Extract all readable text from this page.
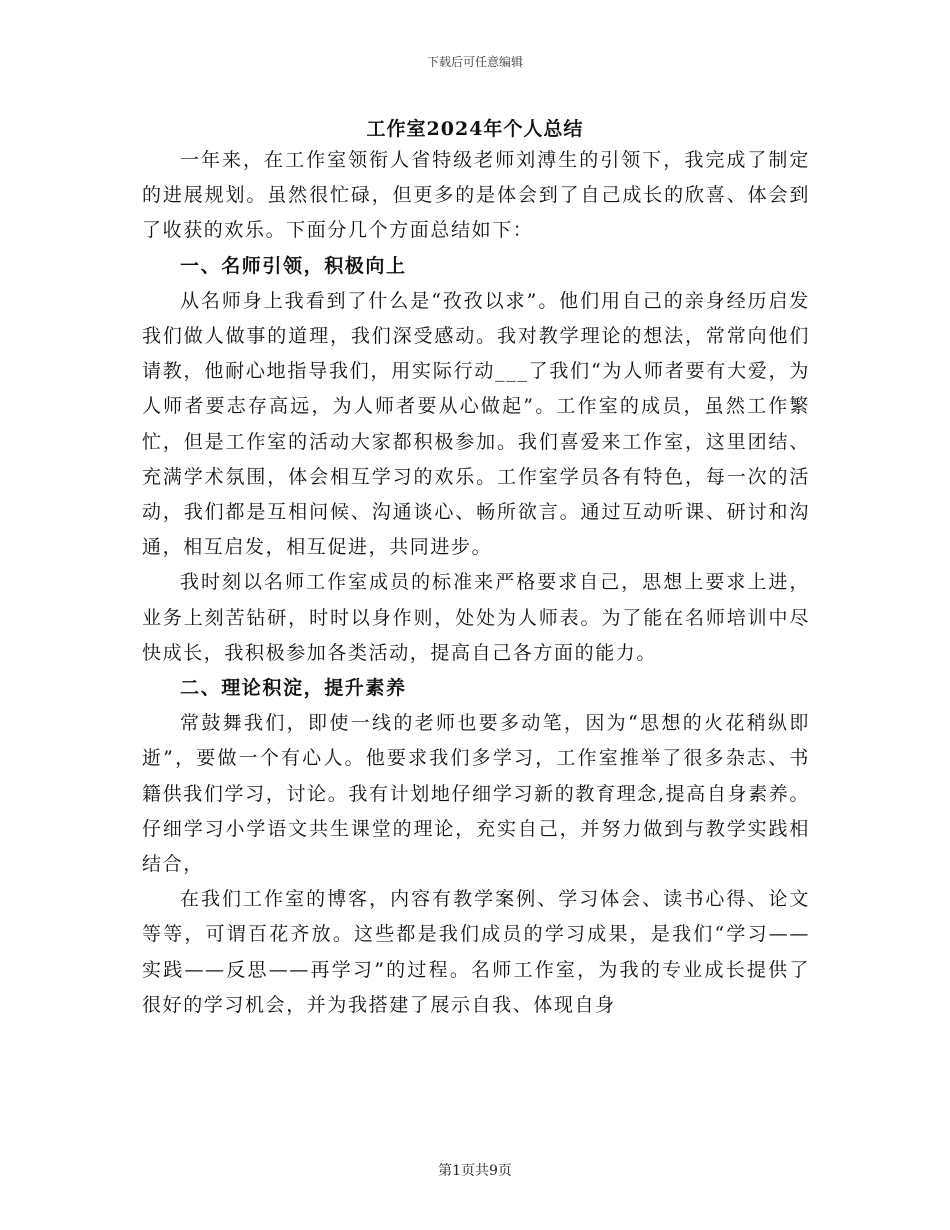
下载后可任意编辑
工作室2024年个人总结

一年来，在工作室领衔人省特级老师刘溥生的引领下，我完成了制定的进展规划。虽然很忙碌，但更多的是体会到了自己成长的欣喜、体会到了收获的欢乐。下面分几个方面总结如下：

一、名师引领，积极向上

从名师身上我看到了什么是“孜孜以求”。他们用自己的亲身经历启发我们做人做事的道理，我们深受感动。我对教学理论的想法，常常向他们请教，他耐心地指导我们，用实际行动___了我们“为人师者要有大爱，为人师者要志存高远，为人师者要从心做起”。工作室的成员，虽然工作繁忙，但是工作室的活动大家都积极参加。我们喜爱来工作室，这里团结、充满学术氛围，体会相互学习的欢乐。工作室学员各有特色，每一次的活动，我们都是互相问候、沟通谈心、畅所欲言。通过互动听课、研讨和沟通，相互启发，相互促进，共同进步。

我时刻以名师工作室成员的标准来严格要求自己，思想上要求上进，业务上刻苦钻研，时时以身作则，处处为人师表。为了能在名师培训中尽快成长，我积极参加各类活动，提高自己各方面的能力。

二、理论积淀，提升素养

常鼓舞我们，即使一线的老师也要多动笔，因为“思想的火花稍纵即逝”，要做一个有心人。他要求我们多学习，工作室推举了很多杂志、书籍供我们学习，讨论。我有计划地仔细学习新的教育理念,提高自身素养。仔细学习小学语文共生课堂的理论，充实自己，并努力做到与教学实践相结合，

在我们工作室的博客，内容有教学案例、学习体会、读书心得、论文等等，可谓百花齐放。这些都是我们成员的学习成果，是我们“学习——实践——反思——再学习”的过程。名师工作室，为我的专业成长提供了很好的学习机会，并为我搭建了展示自我、体现自身

第1页共9页
